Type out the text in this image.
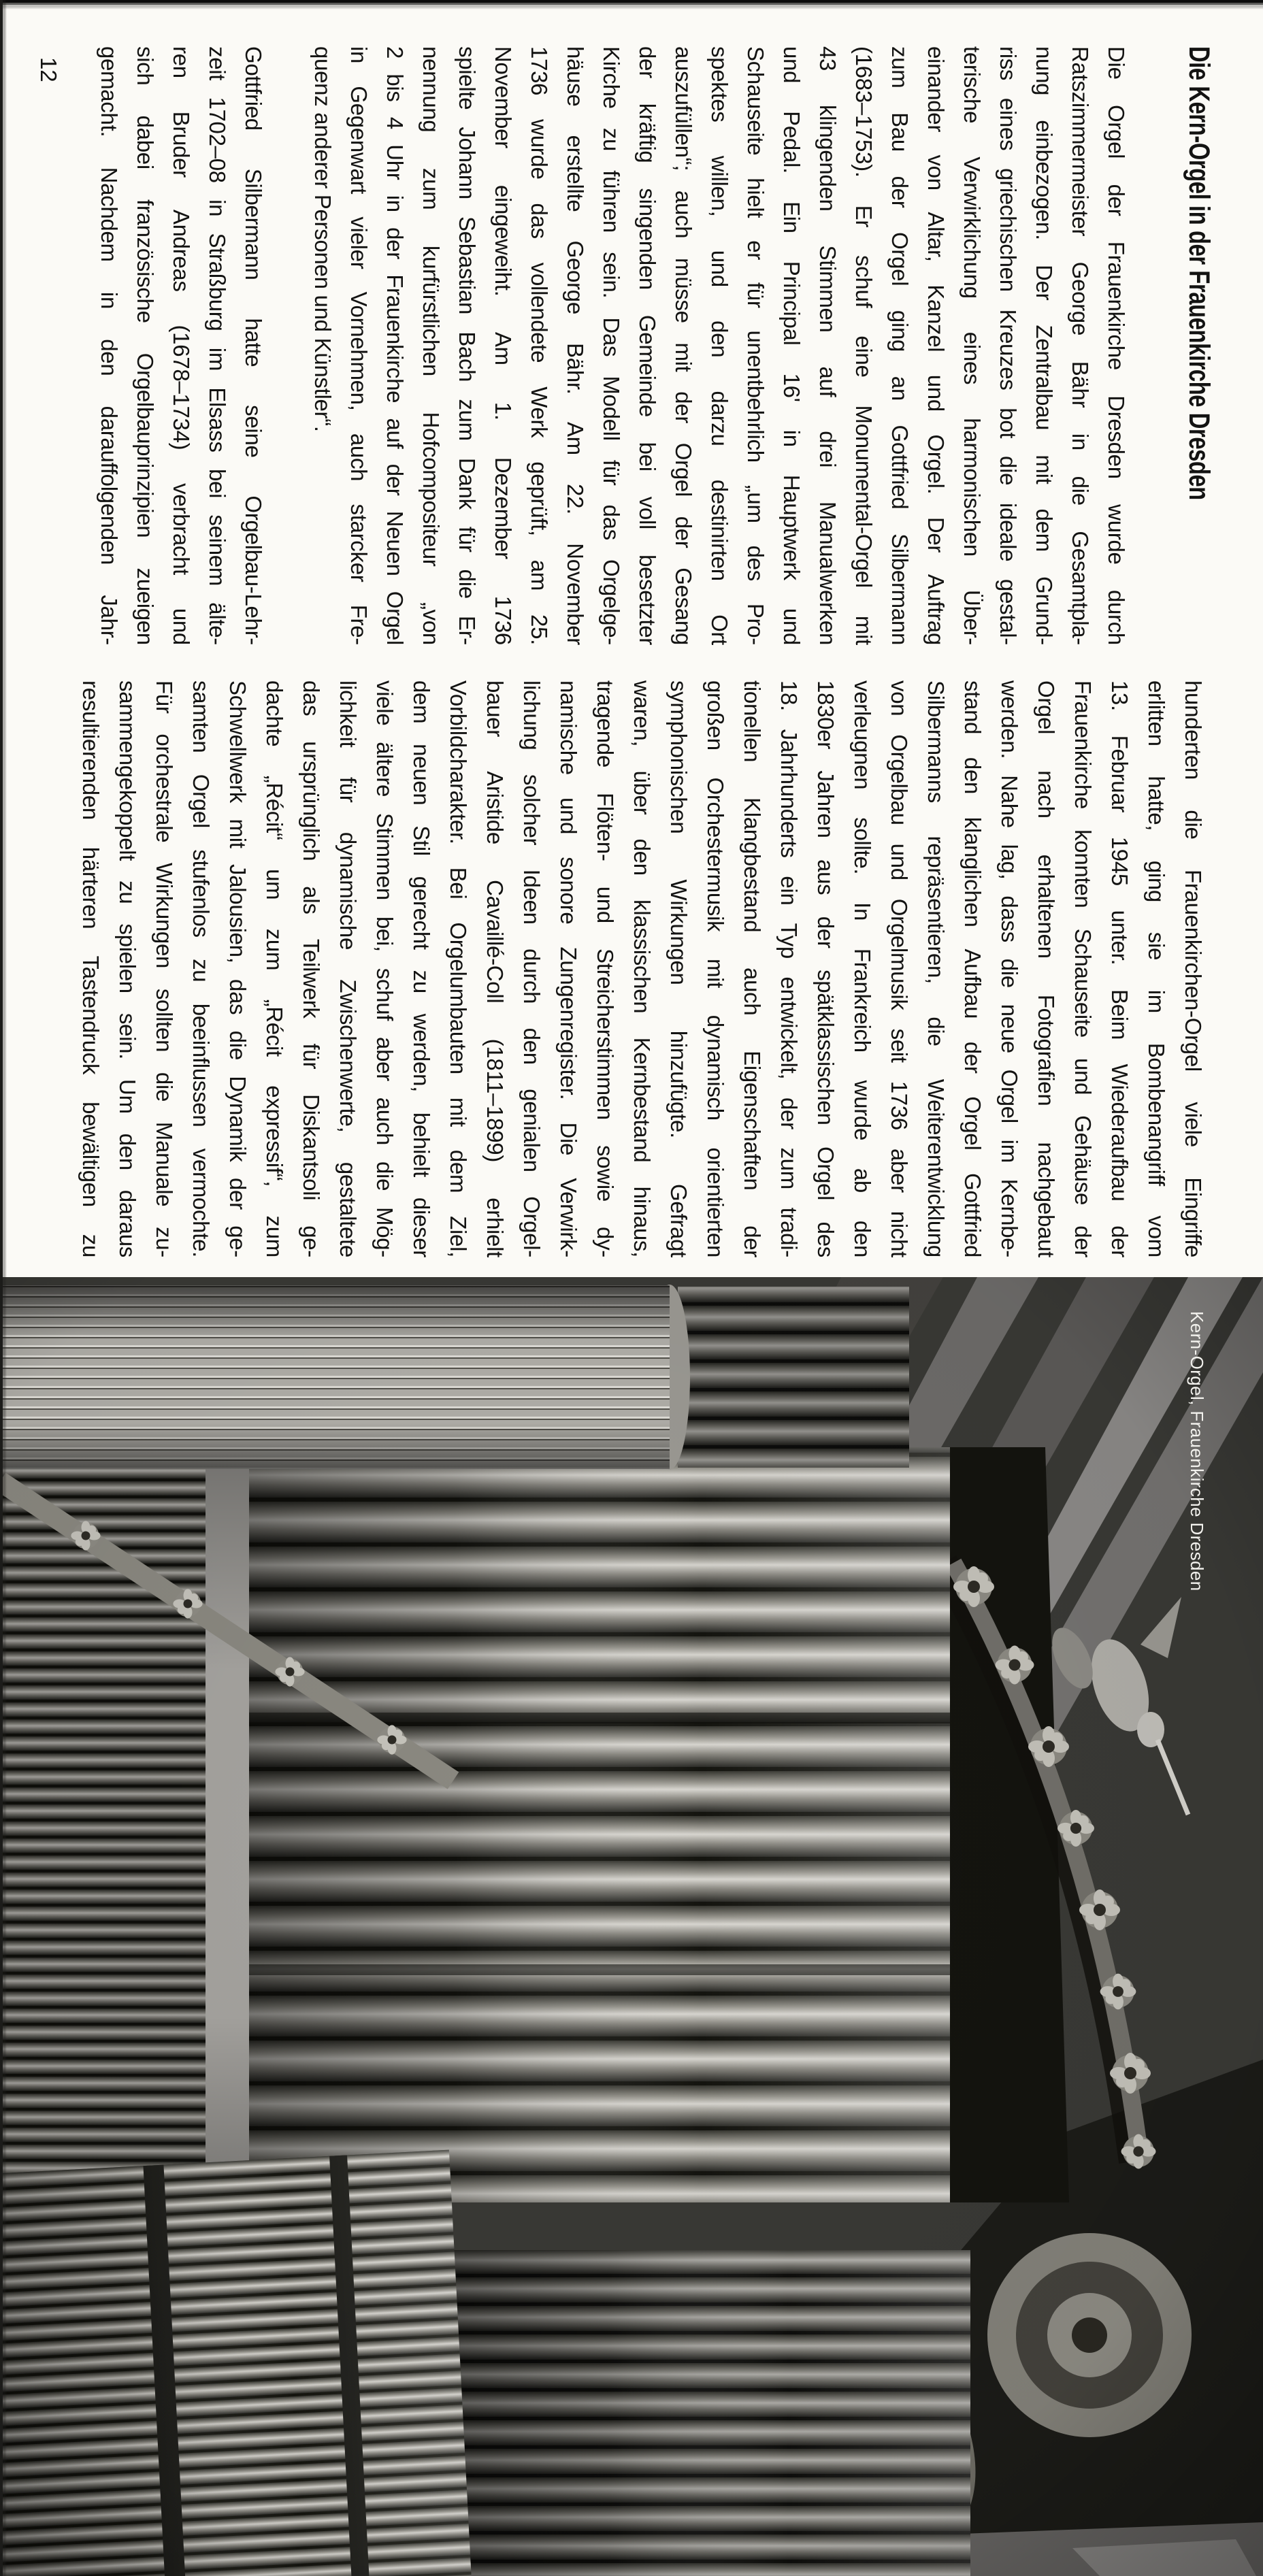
Die Kern-Orgel in der Frauenkirche Dresden
Die Orgel der Frauenkirche Dresden wurde durch
Ratszimmermeister George Bähr in die Gesamtpla-
nung einbezogen. Der Zentralbau mit dem Grund-
riss eines griechischen Kreuzes bot die ideale gestal-
terische Verwirklichung eines harmonischen Über-
einander von Altar, Kanzel und Orgel. Der Auftrag
zum Bau der Orgel ging an Gottfried Silbermann
(1683–1753). Er schuf eine Monumental-Orgel mit
43 klingenden Stimmen auf drei Manualwerken
und Pedal. Ein Principal 16' in Hauptwerk und
Schauseite hielt er für unentbehrlich „um des Pro-
spektes willen, und den darzu destinirten Ort
auszufüllen“; auch müsse mit der Orgel der Gesang
der kräftig singenden Gemeinde bei voll besetzter
Kirche zu führen sein. Das Modell für das Orgelge-
häuse erstellte George Bähr. Am 22. November
1736 wurde das vollendete Werk geprüft, am 25.
November eingeweiht. Am 1. Dezember 1736
spielte Johann Sebastian Bach zum Dank für die Er-
nennung zum kurfürstlichen Hofcompositeur „von
2 bis 4 Uhr in der Frauenkirche auf der Neuen Orgel
in Gegenwart vieler Vornehmen, auch starcker Fre-
quenz anderer Personen und Künstler“.
Gottfried Silbermann hatte seine Orgelbau-Lehr-
zeit 1702–08 in Straßburg im Elsass bei seinem älte-
ren Bruder Andreas (1678–1734) verbracht und
sich dabei französische Orgelbauprinzipien zueigen
gemacht. Nachdem in den darauffolgenden Jahr-
hunderten die Frauenkirchen-Orgel viele Eingriffe
erlitten hatte, ging sie im Bombenangriff vom
13. Februar 1945 unter. Beim Wiederaufbau der
Frauenkirche konnten Schauseite und Gehäuse der
Orgel nach erhaltenen Fotografien nachgebaut
werden. Nahe lag, dass die neue Orgel im Kernbe-
stand den klanglichen Aufbau der Orgel Gottfried
Silbermanns repräsentieren, die Weiterentwicklung
von Orgelbau und Orgelmusik seit 1736 aber nicht
verleugnen sollte. In Frankreich wurde ab den
1830er Jahren aus der spätklassischen Orgel des
18. Jahrhunderts ein Typ entwickelt, der zum tradi-
tionellen Klangbestand auch Eigenschaften der
großen Orchestermusik mit dynamisch orientierten
symphonischen Wirkungen hinzufügte. Gefragt
waren, über den klassischen Kernbestand hinaus,
tragende Flöten- und Streicherstimmen sowie dy-
namische und sonore Zungenregister. Die Verwirk-
lichung solcher Ideen durch den genialen Orgel-
bauer Aristide Cavaillé-Coll (1811–1899) erhielt
Vorbildcharakter. Bei Orgelumbauten mit dem Ziel,
dem neuen Stil gerecht zu werden, behielt dieser
viele ältere Stimmen bei, schuf aber auch die Mög-
lichkeit für dynamische Zwischenwerte, gestaltete
das ursprünglich als Teilwerk für Diskantsoli ge-
dachte „Récit“ um zum „Récit expressif“, zum
Schwellwerk mit Jalousien, das die Dynamik der ge-
samten Orgel stufenlos zu beeinflussen vermochte.
Für orchestrale Wirkungen sollten die Manuale zu-
sammengekoppelt zu spielen sein. Um den daraus
resultierenden härteren Tastendruck bewältigen zu
12
Kern-Orgel, Frauenkirche Dresden
